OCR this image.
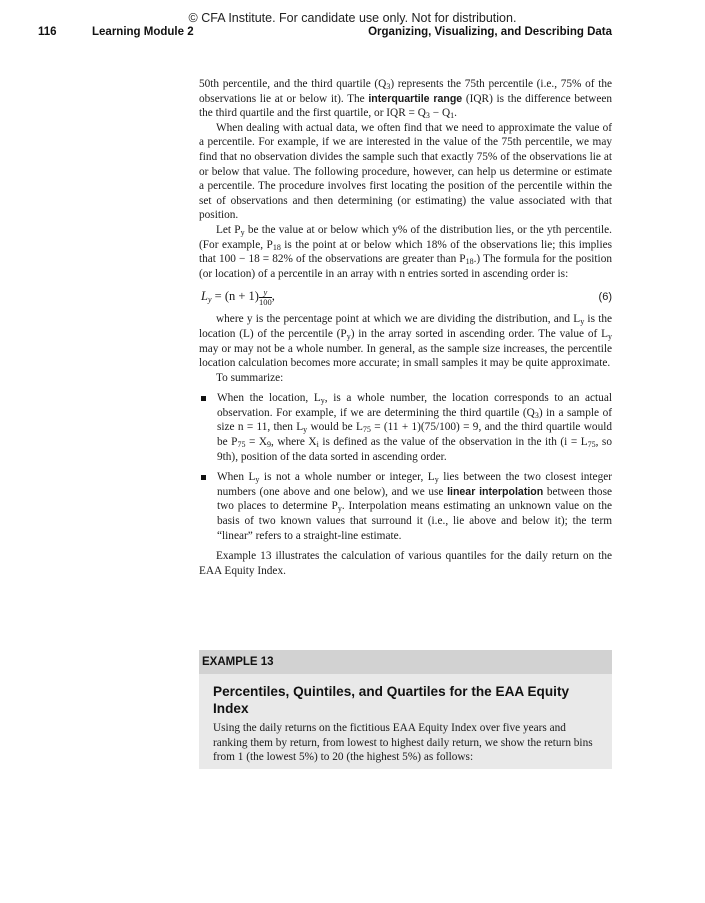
© CFA Institute. For candidate use only. Not for distribution.
116	Learning Module 2	Organizing, Visualizing, and Describing Data

50th percentile, and the third quartile $(Q_3)$ represents the 75th percentile (i.e., 75% of the observations lie at or below it). The interquartile range (IQR) is the difference between the third quartile and the first quartile, or IQR = $Q_3 - Q_1$.

When dealing with actual data, we often find that we need to approximate the value of a percentile. For example, if we are interested in the value of the 75th percentile, we may find that no observation divides the sample such that exactly 75% of the observations lie at or below that value. The following procedure, however, can help us determine or estimate a percentile. The procedure involves first locating the position of the percentile within the set of observations and then determining (or estimating) the value associated with that position.

Let $P_y$ be the value at or below which y% of the distribution lies, or the yth percentile. (For example, $P_{18}$ is the point at or below which 18% of the observations lie; this implies that 100 − 18 = 82% of the observations are greater than $P_{18}$.) The formula for the position (or location) of a percentile in an array with n entries sorted in ascending order is:

$L_y = (n + 1) \frac{y}{100}$ ,	(6)

where y is the percentage point at which we are dividing the distribution, and $L_y$ is the location (L) of the percentile $(P_y)$ in the array sorted in ascending order. The value of $L_y$ may or may not be a whole number. In general, as the sample size increases, the percentile location calculation becomes more accurate; in small samples it may be quite approximate.

To summarize:

When the location, $L_y$, is a whole number, the location corresponds to an actual observation. For example, if we are determining the third quartile $(Q_3)$ in a sample of size n = 11, then $L_y$ would be $L_{75} = (11 + 1)(75/100) = 9$, and the third quartile would be $P_{75} = X_9$, where $X_i$ is defined as the value of the observation in the ith ($i = L_{75}$, so 9th), position of the data sorted in ascending order.
When $L_y$ is not a whole number or integer, $L_y$ lies between the two closest integer numbers (one above and one below), and we use linear interpolation between those two places to determine $P_y$. Interpolation means estimating an unknown value on the basis of two known values that surround it (i.e., lie above and below it); the term “linear” refers to a straight-line estimate.

Example 13 illustrates the calculation of various quantiles for the daily return on the EAA Equity Index.

EXAMPLE 13

Percentiles, Quintiles, and Quartiles for the EAA Equity Index

Using the daily returns on the fictitious EAA Equity Index over five years and ranking them by return, from lowest to highest daily return, we show the return bins from 1 (the lowest 5%) to 20 (the highest 5%) as follows:
